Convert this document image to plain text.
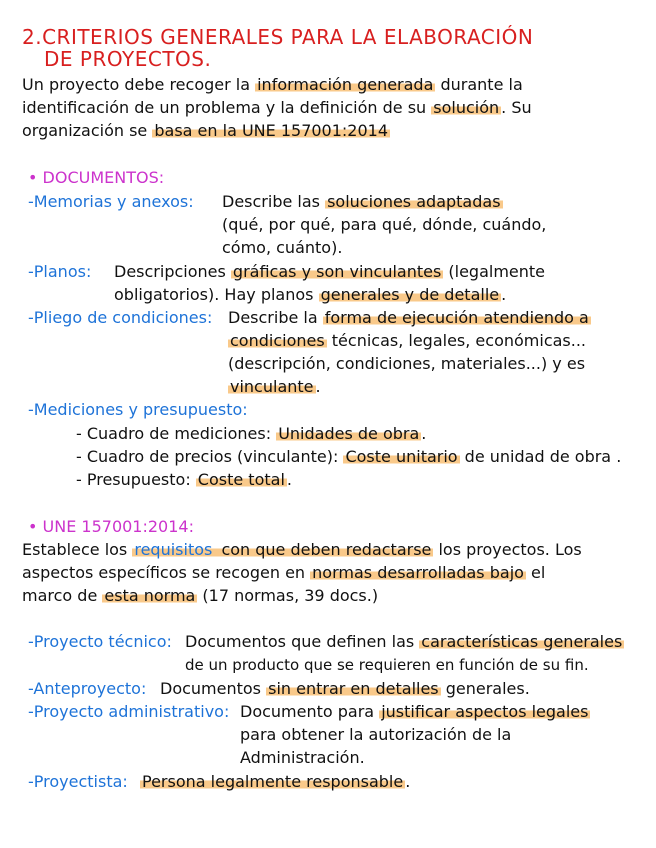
2.CRITERIOS GENERALES PARA LA ELABORACIÓN
DE PROYECTOS.
Un proyecto debe recoger la información generada durante la
identificación de un problema y la definición de su solución . Su
organización se basa en la UNE 157001:2014
• DOCUMENTOS:
-Memorias y anexos: Describe las soluciones adaptadas
(qué, por qué, para qué, dónde, cuándo,
cómo, cuánto).
-Planos: Descripciones gráficas y son vinculantes (legalmente
obligatorios). Hay planos generales y de detalle .
-Pliego de condiciones: Describe la forma de ejecución atendiendo a
condiciones técnicas, legales, económicas...
(descripción, condiciones, materiales...) y es
vinculante .
-Mediciones y presupuesto:
- Cuadro de mediciones: Unidades de obra .
- Cuadro de precios (vinculante): Coste unitario de unidad de obra .
- Presupuesto: Coste total .
• UNE 157001:2014:
Establece los requisitos con que deben redactarse los proyectos. Los
aspectos específicos se recogen en normas desarrolladas bajo el
marco de esta norma (17 normas, 39 docs.)
-Proyecto técnico: Documentos que definen las características generales
de un producto que se requieren en función de su fin.
-Anteproyecto: Documentos sin entrar en detalles generales.
-Proyecto administrativo: Documento para justificar aspectos legales
para obtener la autorización de la
Administración.
-Proyectista: Persona legalmente responsable .
